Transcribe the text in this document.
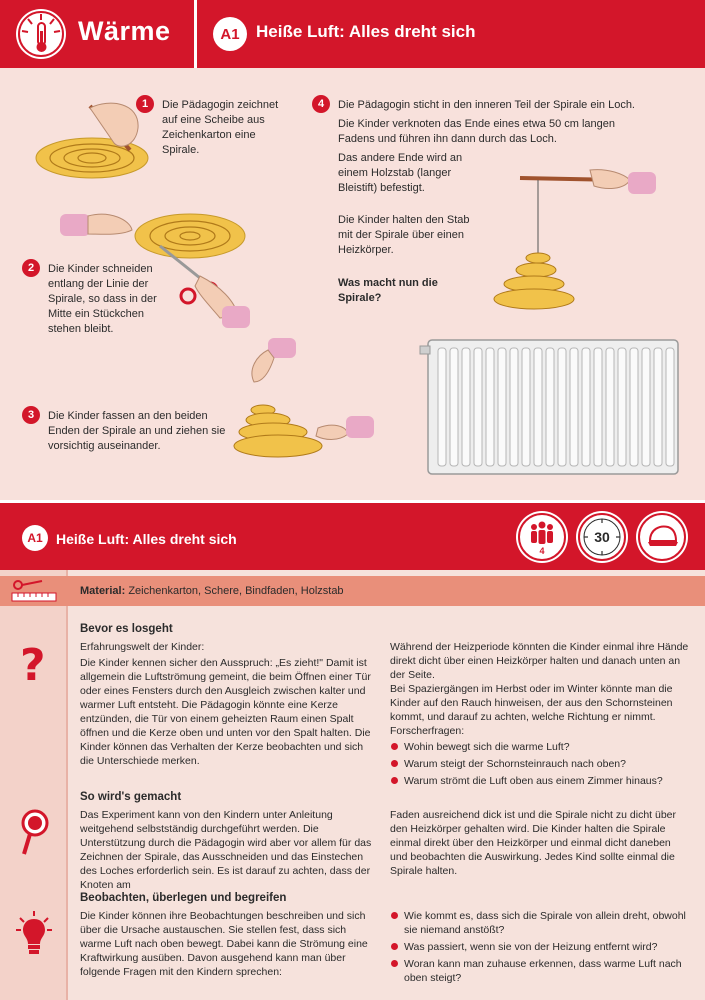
Wärme	A1 Heiße Luft: Alles dreht sich
1	Die Pädagogin zeichnet auf eine Scheibe aus Zeichenkarton eine Spirale.
2	Die Kinder schneiden entlang der Linie der Spirale, so dass in der Mitte ein Stückchen stehen bleibt.
3	Die Kinder fassen an den beiden Enden der Spirale an und ziehen sie vorsichtig auseinander.
4	Die Pädagogin sticht in den inneren Teil der Spirale ein Loch.
Die Kinder verknoten das Ende eines etwa 50 cm langen Fadens und führen ihn dann durch das Loch.
Das andere Ende wird an einem Holzstab (langer Bleistift) befestigt.
Die Kinder halten den Stab mit der Spirale über einen Heizkörper.
Was macht nun die Spirale?
A1 Heiße Luft: Alles dreht sich
4
30
Material: Zeichenkarton, Schere, Bindfaden, Holzstab
Bevor es losgeht
Erfahrungswelt der Kinder:
Die Kinder kennen sicher den Ausspruch: „Es zieht!" Damit ist allgemein die Luftströmung gemeint, die beim Öffnen einer Tür oder eines Fensters durch den Ausgleich zwischen kalter und warmer Luft entsteht. Die Pädagogin könnte eine Kerze entzünden, die Tür von einem geheizten Raum einen Spalt öffnen und die Kerze oben und unten vor den Spalt halten. Die Kinder können das Verhalten der Kerze beobachten und sich die Unterschiede merken.
?	Während der Heizperiode könnten die Kinder einmal ihre Hände direkt dicht über einen Heizkörper halten und danach unten an der Seite.
Bei Spaziergängen im Herbst oder im Winter könnte man die Kinder auf den Rauch hinweisen, der aus den Schornsteinen kommt, und darauf zu achten, welche Richtung er nimmt.
Forscherfragen:
Wohin bewegt sich die warme Luft?
Warum steigt der Schornsteinrauch nach oben?
Warum strömt die Luft oben aus einem Zimmer hinaus?
So wird's gemacht
Das Experiment kann von den Kindern unter Anleitung weitgehend selbstständig durchgeführt werden. Die Unterstützung durch die Pädagogin wird aber vor allem für das Zeichnen der Spirale, das Ausschneiden und das Einstechen des Loches erforderlich sein. Es ist darauf zu achten, dass der Knoten am
Faden ausreichend dick ist und die Spirale nicht zu dicht über den Heizkörper gehalten wird. Die Kinder halten die Spirale einmal direkt über den Heizkörper und einmal dicht daneben und beobachten die Auswirkung. Jedes Kind sollte einmal die Spirale halten.
Beobachten, überlegen und begreifen
Die Kinder können ihre Beobachtungen beschreiben und sich über die Ursache austauschen. Sie stellen fest, dass sich warme Luft nach oben bewegt. Dabei kann die Strömung eine Kraftwirkung ausüben. Davon ausgehend kann man über folgende Fragen mit den Kindern sprechen:
Wie kommt es, dass sich die Spirale von allein dreht, obwohl sie niemand anstößt?
Was passiert, wenn sie von der Heizung entfernt wird?
Woran kann man zuhause erkennen, dass warme Luft nach oben steigt?
